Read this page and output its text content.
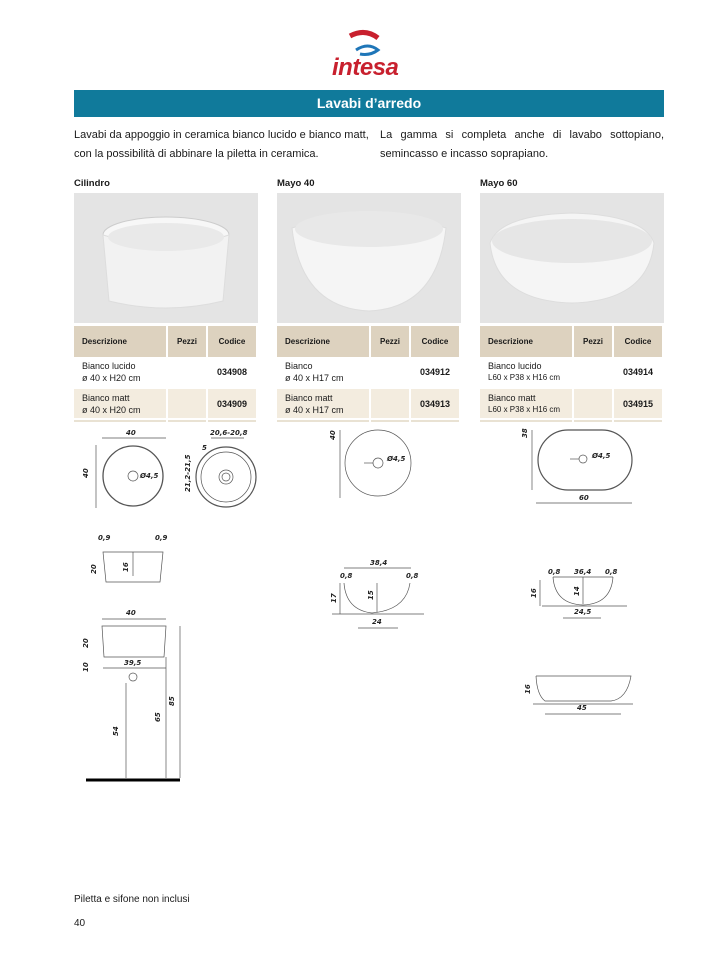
intesa
Lavabi d’arredo

Lavabi da appoggio in ceramica bianco lucido e bianco matt, con la possibilità di abbinare la piletta in ceramica.

La gamma si completa anche di lavabo sottopiano, semincasso e incasso soprapiano.

Cilindro
Descrizione	Pezzi	Codice

Bianco lucido
ø 40 x H20 cm		034908

Bianco matt
ø 40 x H20 cm		034909

40
40	Ø4,5
20,6-20,8
21,2-21,5
5
0,9	0,9
20	16
40
39,5
20
10
54
65
85
Mayo 40
Descrizione	Pezzi	Codice

Bianco
ø 40 x H17 cm		034912

Bianco matt
ø 40 x H17 cm		034913

40
Ø4,5
38,4
0,8	0,8
17	15
24
Mayo 60
Descrizione	Pezzi	Codice

Bianco lucido
L60 x P38 x H16 cm		034914

Bianco matt
L60 x P38 x H16 cm		034915

38
Ø4,5
60
0,8 36,4 0,8
16	14
24,5
16
45
Piletta e sifone non inclusi
40
